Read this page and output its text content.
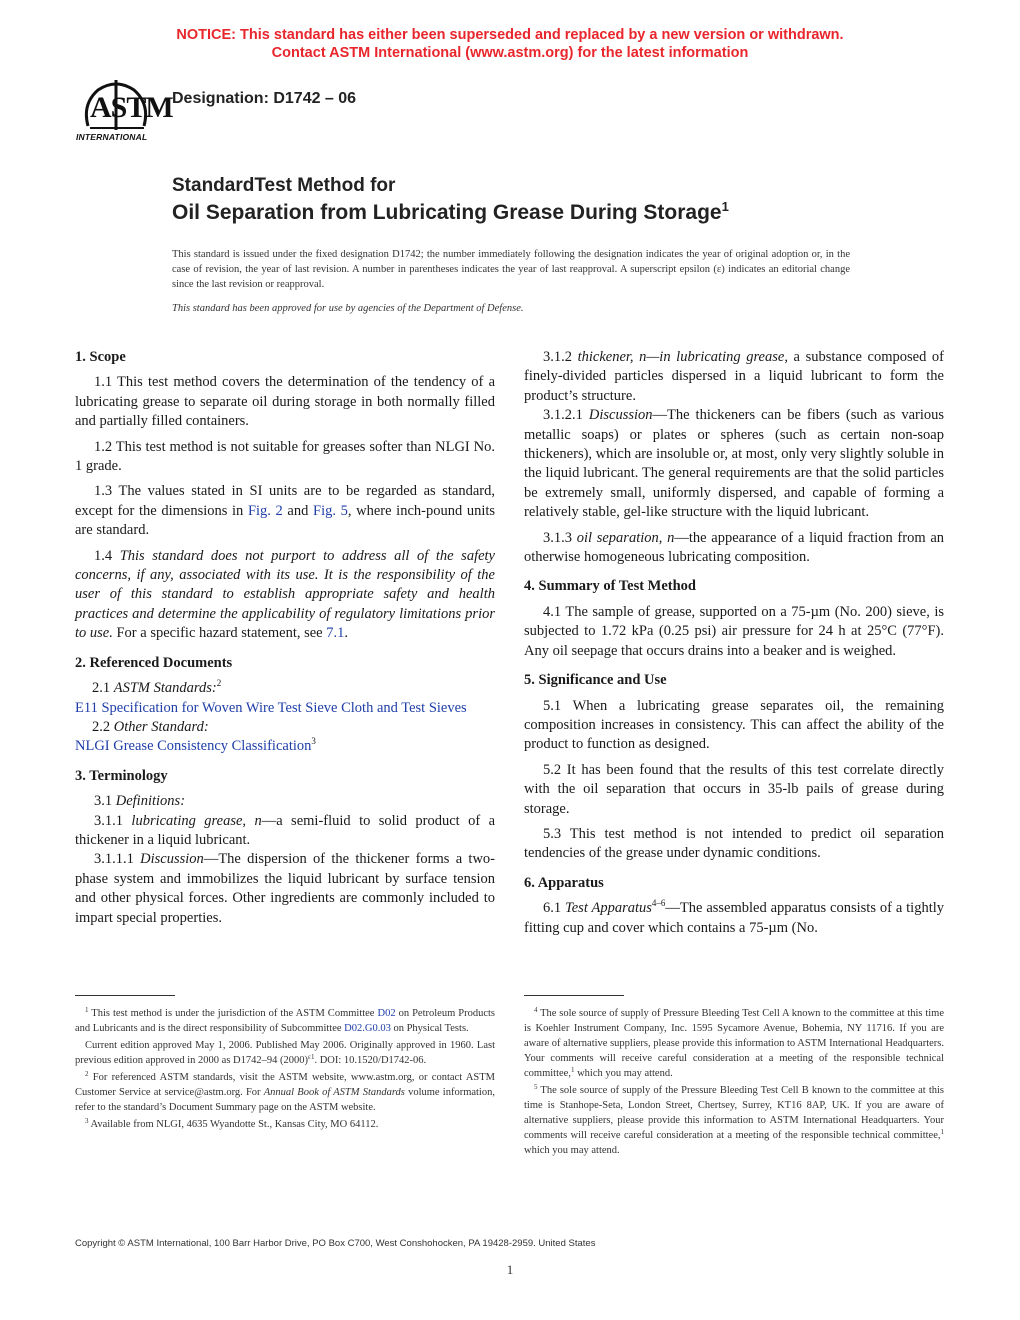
NOTICE: This standard has either been superseded and replaced by a new version or withdrawn.
Contact ASTM International (www.astm.org) for the latest information
ASTM
INTERNATIONAL
Designation: D1742 – 06
StandardTest Method for
Oil Separation from Lubricating Grease During Storage$^1$
This standard is issued under the fixed designation D1742; the number immediately following the designation indicates the year of original adoption or, in the case of revision, the year of last revision. A number in parentheses indicates the year of last reapproval. A superscript epsilon (ε) indicates an editorial change since the last revision or reapproval.
This standard has been approved for use by agencies of the Department of Defense.
1. Scope

1.1 This test method covers the determination of the tendency of a lubricating grease to separate oil during storage in both normally filled and partially filled containers.

1.2 This test method is not suitable for greases softer than NLGI No. 1 grade.

1.3 The values stated in SI units are to be regarded as standard, except for the dimensions in Fig. 2 and Fig. 5, where inch-pound units are standard.

1.4 This standard does not purport to address all of the safety concerns, if any, associated with its use. It is the responsibility of the user of this standard to establish appropriate safety and health practices and determine the applicability of regulatory limitations prior to use. For a specific hazard statement, see 7.1.

2. Referenced Documents

2.1 ASTM Standards:$^2$

E11 Specification for Woven Wire Test Sieve Cloth and Test Sieves

2.2 Other Standard:

NLGI Grease Consistency Classification$^3$

3. Terminology

3.1 Definitions:

3.1.1 lubricating grease, n—a semi-fluid to solid product of a thickener in a liquid lubricant.

3.1.1.1 Discussion—The dispersion of the thickener forms a two-phase system and immobilizes the liquid lubricant by surface tension and other physical forces. Other ingredients are commonly included to impart special properties.

3.1.2 thickener, n—in lubricating grease, a substance composed of finely-divided particles dispersed in a liquid lubricant to form the product’s structure.

3.1.2.1 Discussion—The thickeners can be fibers (such as various metallic soaps) or plates or spheres (such as certain non-soap thickeners), which are insoluble or, at most, only very slightly soluble in the liquid lubricant. The general requirements are that the solid particles be extremely small, uniformly dispersed, and capable of forming a relatively stable, gel-like structure with the liquid lubricant.

3.1.3 oil separation, n—the appearance of a liquid fraction from an otherwise homogeneous lubricating composition.

4. Summary of Test Method

4.1 The sample of grease, supported on a 75-µm (No. 200) sieve, is subjected to 1.72 kPa (0.25 psi) air pressure for 24 h at 25°C (77°F). Any oil seepage that occurs drains into a beaker and is weighed.

5. Significance and Use

5.1 When a lubricating grease separates oil, the remaining composition increases in consistency. This can affect the ability of the product to function as designed.

5.2 It has been found that the results of this test correlate directly with the oil separation that occurs in 35-lb pails of grease during storage.

5.3 This test method is not intended to predict oil separation tendencies of the grease under dynamic conditions.

6. Apparatus

6.1 Test Apparatus$^{4-6}$—The assembled apparatus consists of a tightly fitting cup and cover which contains a 75-µm (No.

$^1$ This test method is under the jurisdiction of the ASTM Committee D02 on Petroleum Products and Lubricants and is the direct responsibility of Subcommittee D02.G0.03 on Physical Tests.

Current edition approved May 1, 2006. Published May 2006. Originally approved in 1960. Last previous edition approved in 2000 as D1742–94 $(2000)^{\varepsilon 1}$. DOI: 10.1520/D1742-06.

$^2$ For referenced ASTM standards, visit the ASTM website, www.astm.org, or contact ASTM Customer Service at service@astm.org. For Annual Book of ASTM Standards volume information, refer to the standard’s Document Summary page on the ASTM website.

$^3$ Available from NLGI, 4635 Wyandotte St., Kansas City, MO 64112.

$^4$ The sole source of supply of Pressure Bleeding Test Cell A known to the committee at this time is Koehler Instrument Company, Inc. 1595 Sycamore Avenue, Bohemia, NY 11716. If you are aware of alternative suppliers, please provide this information to ASTM International Headquarters. Your comments will receive careful consideration at a meeting of the responsible technical committee,$^1$ which you may attend.

$^5$ The sole source of supply of the Pressure Bleeding Test Cell B known to the committee at this time is Stanhope-Seta, London Street, Chertsey, Surrey, KT16 8AP, UK. If you are aware of alternative suppliers, please provide this information to ASTM International Headquarters. Your comments will receive careful consideration at a meeting of the responsible technical committee,$^1$ which you may attend.

Copyright © ASTM International, 100 Barr Harbor Drive, PO Box C700, West Conshohocken, PA 19428-2959. United States
1
